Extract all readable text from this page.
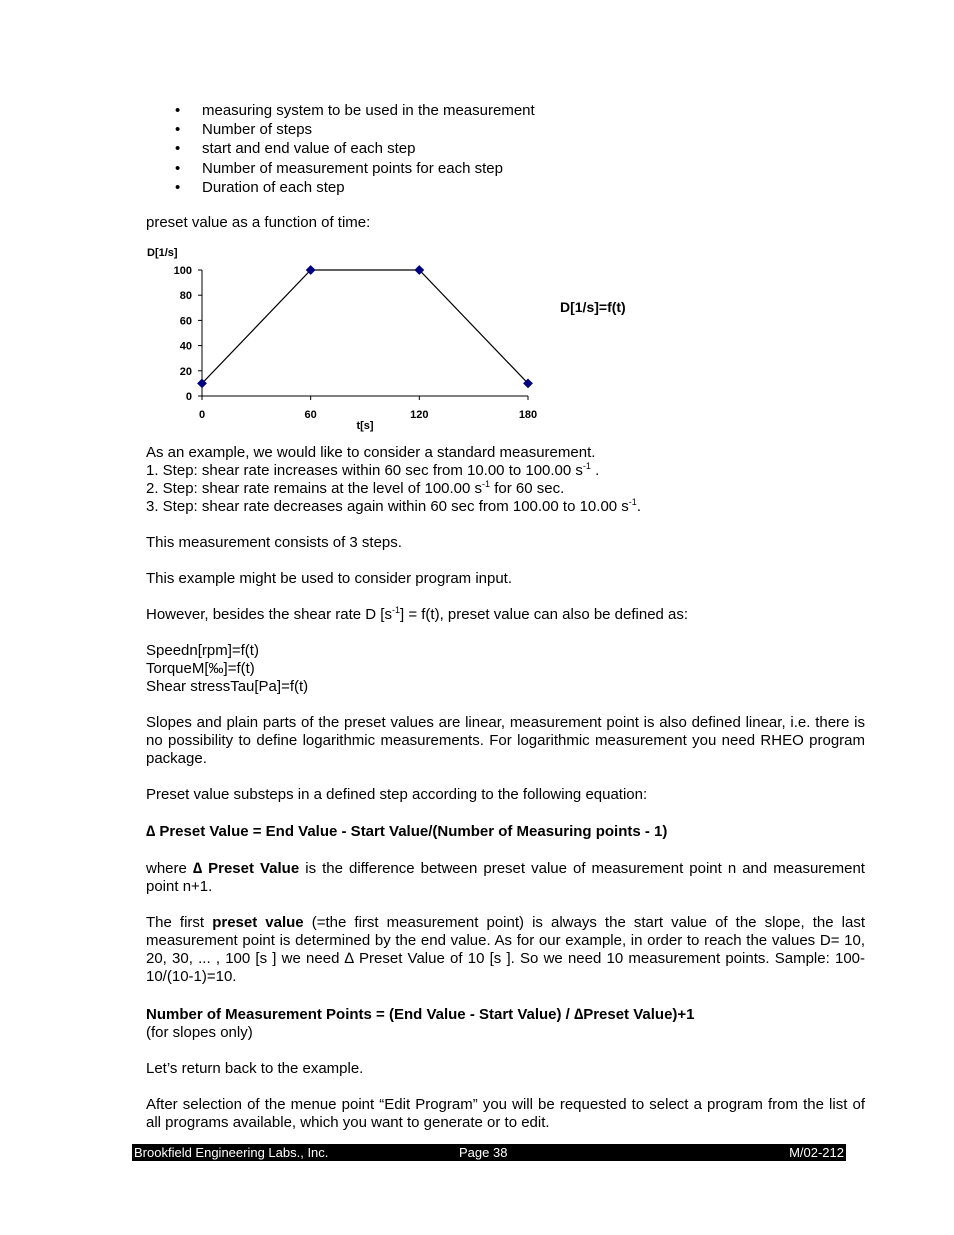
• measuring system to be used in the measurement
• Number of steps
• start and end value of each step
• Number of measurement points for each step
• Duration of each step
preset value as a function of time:
D[1/s]
t[s]
D[1/s]=f(t)
0
20
40
60
80
100
0	60	120	180
As an example, we would like to consider a standard measurement.
1. Step: shear rate increases within 60 sec from 10.00 to 100.00 $s^{-1}$ .
2. Step: shear rate remains at the level of 100.00 $s^{-1}$ for 60 sec.
3. Step: shear rate decreases again within 60 sec from 100.00 to 10.00 $s^{-1}$.
This measurement consists of 3 steps.
This example might be used to consider program input.
However, besides the shear rate D $[s^{-1}] = f(t)$, preset value can also be defined as:
Speedn[rpm]=f(t)
TorqueM[‰]=f(t)
Shear stressTau[Pa]=f(t)
Slopes and plain parts of the preset values are linear, measurement point is also defined linear, i.e. there is no possibility to define logarithmic measurements. For logarithmic measurement you need RHEO program package.
Preset value substeps in a defined step according to the following equation:
∆ Preset Value = End Value - Start Value/(Number of Measuring points - 1)
where ∆ Preset Value is the difference between preset value of measurement point n and measurement point n+1.
The first preset value (=the first measurement point) is always the start value of the slope, the last measurement point is determined by the end value. As for our example, in order to reach the values D= 10, 20, 30, ... , 100 [s ] we need ∆ Preset Value of 10 [s ]. So we need 10 measurement points. Sample: 100-10/(10-1)=10.
Number of Measurement Points = (End Value - Start Value) / ∆Preset Value)+1
(for slopes only)
Let’s return back to the example.
After selection of the menue point “Edit Program” you will be requested to select a program from the list of all programs available, which you want to generate or to edit.
Brookfield Engineering Labs., Inc.	Page 38	M/02-212
